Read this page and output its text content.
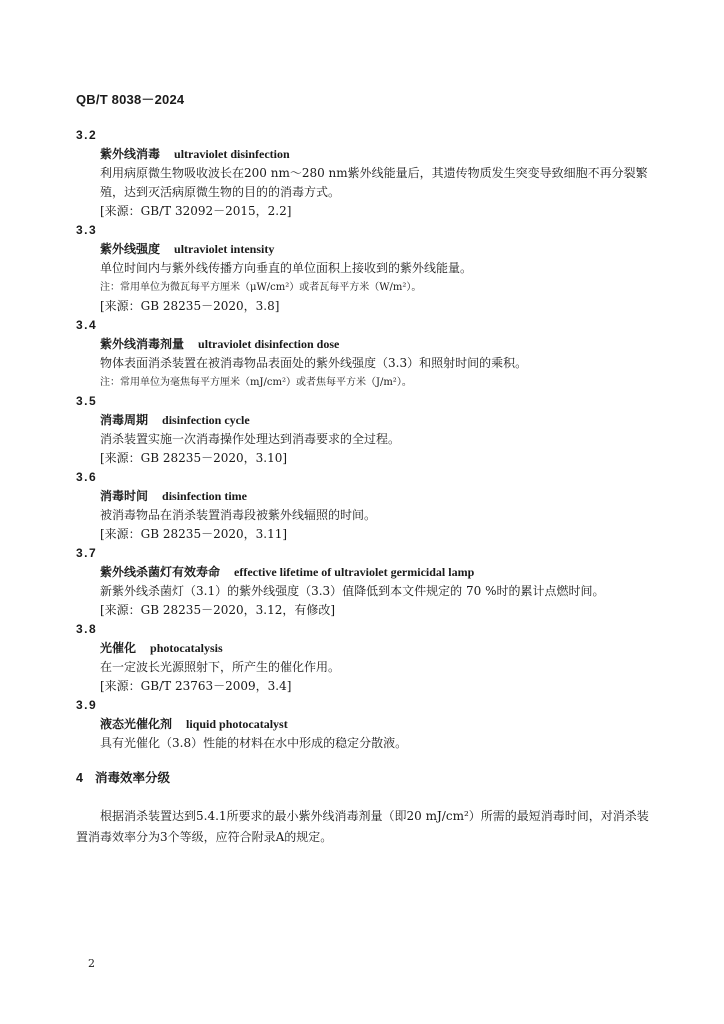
QB/T 8038－2024
3.2
紫外线消毒 ultraviolet disinfection
利用病原微生物吸收波长在200 nm～280 nm紫外线能量后，其遗传物质发生突变导致细胞不再分裂繁殖，达到灭活病原微生物的目的的消毒方式。
[来源：GB/T 32092－2015，2.2]
3.3
紫外线强度 ultraviolet intensity
单位时间内与紫外线传播方向垂直的单位面积上接收到的紫外线能量。
注：常用单位为微瓦每平方厘米（μW/cm²）或者瓦每平方米（W/m²）。
[来源：GB 28235－2020，3.8]
3.4
紫外线消毒剂量 ultraviolet disinfection dose
物体表面消杀装置在被消毒物品表面处的紫外线强度（3.3）和照射时间的乘积。
注：常用单位为毫焦每平方厘米（mJ/cm²）或者焦每平方米（J/m²）。
3.5
消毒周期 disinfection cycle
消杀装置实施一次消毒操作处理达到消毒要求的全过程。
[来源：GB 28235－2020，3.10]
3.6
消毒时间 disinfection time
被消毒物品在消杀装置消毒段被紫外线辐照的时间。
[来源：GB 28235－2020，3.11]
3.7
紫外线杀菌灯有效寿命 effective lifetime of ultraviolet germicidal lamp
新紫外线杀菌灯（3.1）的紫外线强度（3.3）值降低到本文件规定的 70 %时的累计点燃时间。
[来源：GB 28235－2020，3.12，有修改]
3.8
光催化 photocatalysis
在一定波长光源照射下，所产生的催化作用。
[来源：GB/T 23763－2009，3.4]
3.9
液态光催化剂 liquid photocatalyst
具有光催化（3.8）性能的材料在水中形成的稳定分散液。
4 消毒效率分级
根据消杀装置达到5.4.1所要求的最小紫外线消毒剂量（即20 mJ/cm²）所需的最短消毒时间，对消杀装置消毒效率分为3个等级，应符合附录A的规定。
2
